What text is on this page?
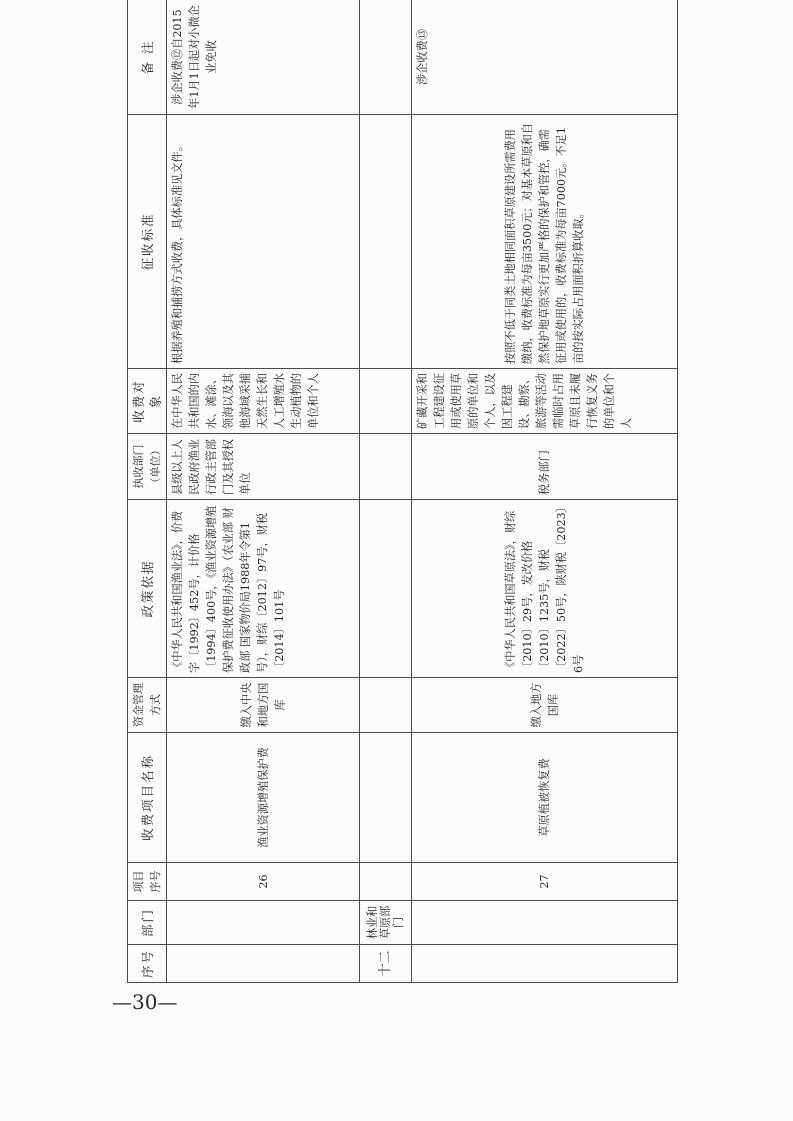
序号	部门	项目序号	收费项目名称	资金管理方式	政策依据	执收部门（单位）	收费对象	征收标准	备 注
		26	渔业资源增殖保护费	缴入中央和地方国库	《中华人民共和国渔业法》，价费字〔1992〕452号，计价格〔1994〕400号，《渔业资源增殖保护费征收使用办法》（农业部 财政部 国家物价局1988年令第1号），财综〔2012〕97号，财税〔2014〕101号	县级以上人民政府渔业行政主管部门及其授权单位	在中华人民共和国的内水、滩涂、领海以及其他海域采捕天然生长和人工增殖水生动植物的单位和个人	根据养殖和捕捞方式收费，具体标准见文件。	涉企收费⑫自2015年1月1日起对小微企业免收
十二	林业和草原部门								
		27	草原植被恢复费	缴入地方国库	《中华人民共和国草原法》，财综〔2010〕29号，发改价格〔2010〕1235号，财税〔2022〕50号，陕财税〔2023〕6号	税务部门	矿藏开采和工程建设征用或使用草原的单位和个人，以及因工程建设、勘察、旅游等活动需临时占用草原且未履行恢复义务的单位和个人	按照不低于同类土地相同面积草原建设所需费用缴纳，收费标准为每亩3500元；对基本草原和自然保护地草原实行更加严格的保护和管控，确需征用或使用的，收费标准为每亩7000元。不足1亩的按实际占用面积折算收取。	涉企收费⑬
—30—
